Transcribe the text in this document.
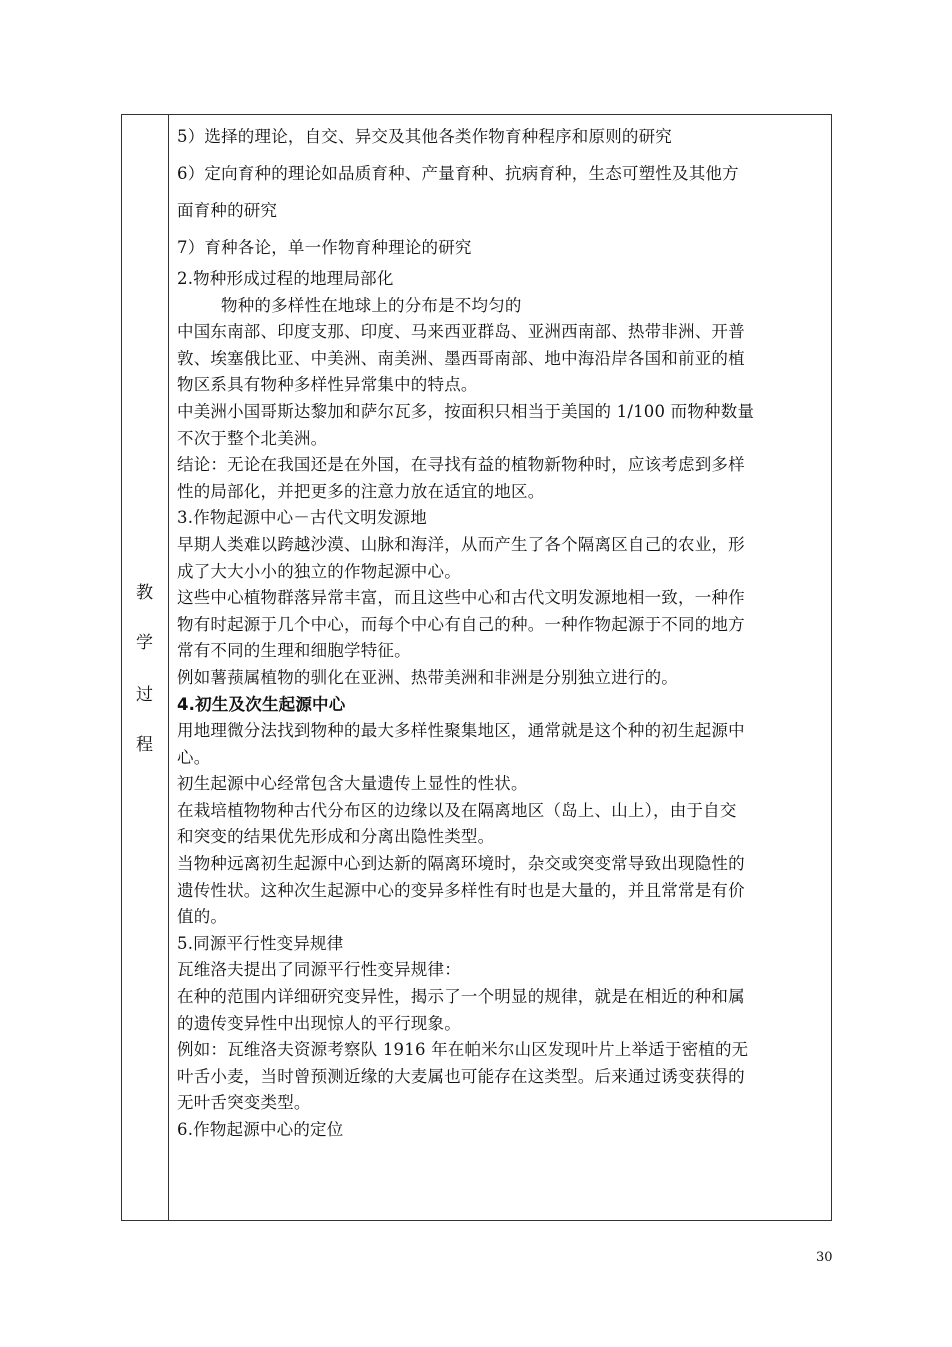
教
学
过
程
5）选择的理论，自交、异交及其他各类作物育种程序和原则的研究
6）定向育种的理论如品质育种、产量育种、抗病育种，生态可塑性及其他方
面育种的研究
7）育种各论，单一作物育种理论的研究
2.物种形成过程的地理局部化
物种的多样性在地球上的分布是不均匀的
中国东南部、印度支那、印度、马来西亚群岛、亚洲西南部、热带非洲、开普
敦、埃塞俄比亚、中美洲、南美洲、墨西哥南部、地中海沿岸各国和前亚的植
物区系具有物种多样性异常集中的特点。
中美洲小国哥斯达黎加和萨尔瓦多，按面积只相当于美国的 1/100 而物种数量
不次于整个北美洲。
结论：无论在我国还是在外国，在寻找有益的植物新物种时，应该考虑到多样
性的局部化，并把更多的注意力放在适宜的地区。
3.作物起源中心－古代文明发源地
早期人类难以跨越沙漠、山脉和海洋，从而产生了各个隔离区自己的农业，形
成了大大小小的独立的作物起源中心。
这些中心植物群落异常丰富，而且这些中心和古代文明发源地相一致，一种作
物有时起源于几个中心，而每个中心有自己的种。一种作物起源于不同的地方
常有不同的生理和细胞学特征。
例如薯蓣属植物的驯化在亚洲、热带美洲和非洲是分别独立进行的。
4.初生及次生起源中心
用地理微分法找到物种的最大多样性聚集地区，通常就是这个种的初生起源中
心。
初生起源中心经常包含大量遗传上显性的性状。
在栽培植物物种古代分布区的边缘以及在隔离地区（岛上、山上），由于自交
和突变的结果优先形成和分离出隐性类型。
当物种远离初生起源中心到达新的隔离环境时，杂交或突变常导致出现隐性的
遗传性状。这种次生起源中心的变异多样性有时也是大量的，并且常常是有价
值的。
5.同源平行性变异规律
瓦维洛夫提出了同源平行性变异规律：
在种的范围内详细研究变异性，揭示了一个明显的规律，就是在相近的种和属
的遗传变异性中出现惊人的平行现象。
例如：瓦维洛夫资源考察队 1916 年在帕米尔山区发现叶片上举适于密植的无
叶舌小麦，当时曾预测近缘的大麦属也可能存在这类型。后来通过诱变获得的
无叶舌突变类型。
6.作物起源中心的定位
30
